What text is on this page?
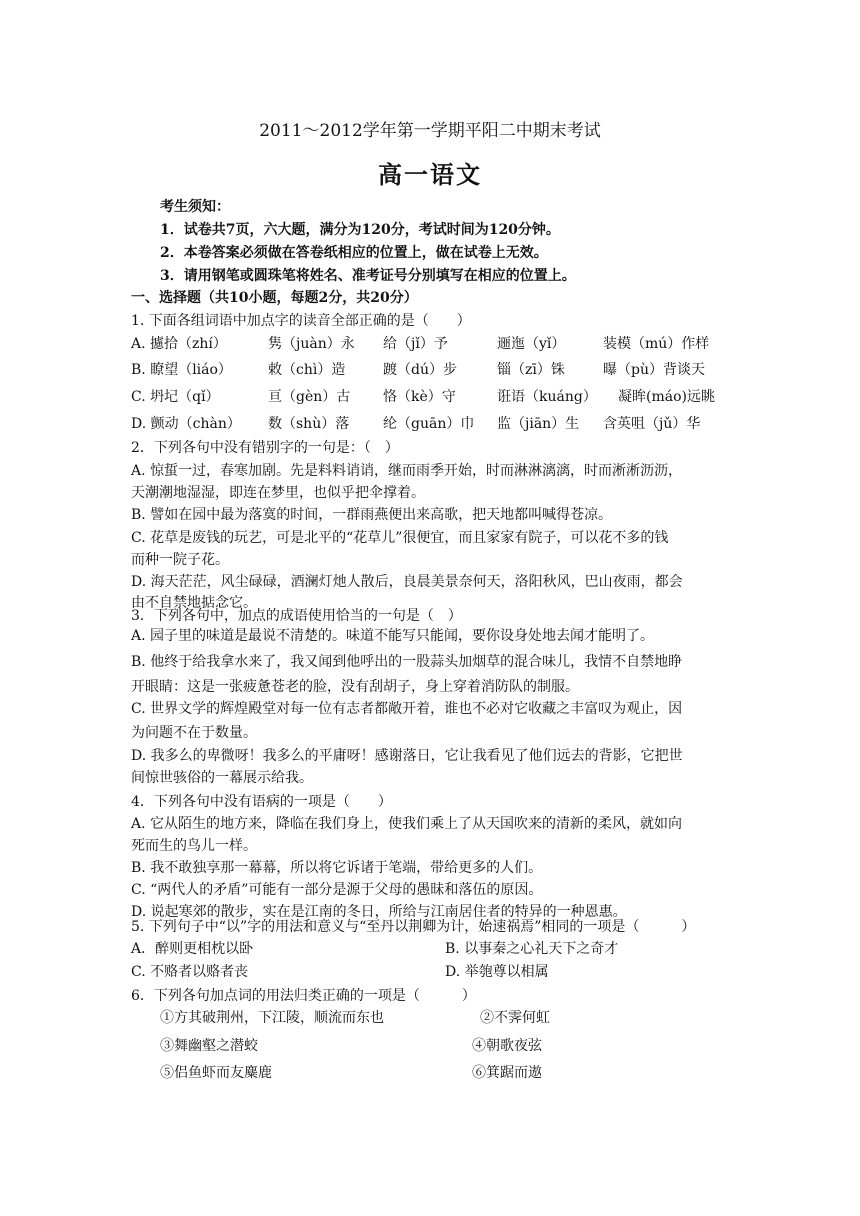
2011～2012学年第一学期平阳二中期末考试
高一语文
考生须知：
1．试卷共7页，六大题，满分为120分，考试时间为120分钟。
2．本卷答案必须做在答卷纸相应的位置上，做在试卷上无效。
3．请用钢笔或圆珠笔将姓名、准考证号分别填写在相应的位置上。
一、选择题（共10小题，每题2分，共20分）
1. 下面各组词语中加点字的读音全部正确的是（　　）
A. 攄拾（zhí）	隽（juàn）永 给（jǐ）予	逦迤（yǐ）	装模（mú）作样
B. 瞭望（liáo）	敕（chì）造	踱（dú）步	锱（zī）铢	曝（pù）背谈天
C. 坍圮（qǐ）	亘（gèn）古 恪（kè）守	诳语（kuáng） 凝眸(máo)远眺
D. 颤动（chàn） 数（shù）落 纶（guān）巾 监（jiān）生 含英咀（jǔ）华
2．下列各句中没有错别字的一句是：（　）
A. 惊蜇一过，春寒加剧。先是料料诮诮，继而雨季开始，时而淋淋漓漓，时而淅淅沥沥，
天潮潮地湿湿，即连在梦里，也似乎把伞撑着。
B. 譬如在园中最为落寞的时间，一群雨燕便出来高歌，把天地都叫喊得苍凉。
C. 花草是废钱的玩艺，可是北平的“花草儿”很便宜，而且家家有院子，可以花不多的钱
而种一院子花。
D. 海天茫茫，风尘碌碌，酒澜灯灺人散后，良晨美景奈何天，洛阳秋风，巴山夜雨，都会
由不自禁地掂念它。
3．下列各句中，加点的成语使用恰当的一句是（　）
A. 园子里的味道是最说不清楚的。味道不能写只能闻，要你设身处地去闻才能明了。
B. 他终于给我拿水来了，我又闻到他呼出的一股蒜头加烟草的混合味儿，我情不自禁地睁
开眼睛：这是一张疲惫苍老的脸，没有刮胡子，身上穿着消防队的制服。
C. 世界文学的辉煌殿堂对每一位有志者都敞开着，谁也不必对它收藏之丰富叹为观止，因
为问题不在于数量。
D. 我多么的卑微呀！我多么的平庸呀！感谢落日，它让我看见了他们远去的背影，它把世
间惊世骇俗的一幕展示给我。
4．下列各句中没有语病的一项是（　　）
A. 它从陌生的地方来，降临在我们身上，使我们乘上了从天国吹来的清新的柔风，就如向
死而生的鸟儿一样。
B. 我不敢独享那一幕幕，所以将它诉诸于笔端，带给更多的人们。
C. “两代人的矛盾”可能有一部分是源于父母的愚昧和落伍的原因。
D. 说起寒郊的散步，实在是江南的冬日，所给与江南居住者的特异的一种恩惠。
5. 下列句子中“以”字的用法和意义与“至丹以荆卿为计，始速祸焉”相同的一项是（　　　）
A．醉则更相枕以卧	B. 以事秦之心礼天下之奇才
C. 不赂者以赂者丧	D. 举匏尊以相属
6．下列各句加点词的用法归类正确的一项是（　　　）
①方其破荆州，下江陵，顺流而东也	②不霁何虹
③舞幽壑之潜蛟	④朝歌夜弦
⑤侣鱼虾而友麋鹿	⑥箕踞而遨
